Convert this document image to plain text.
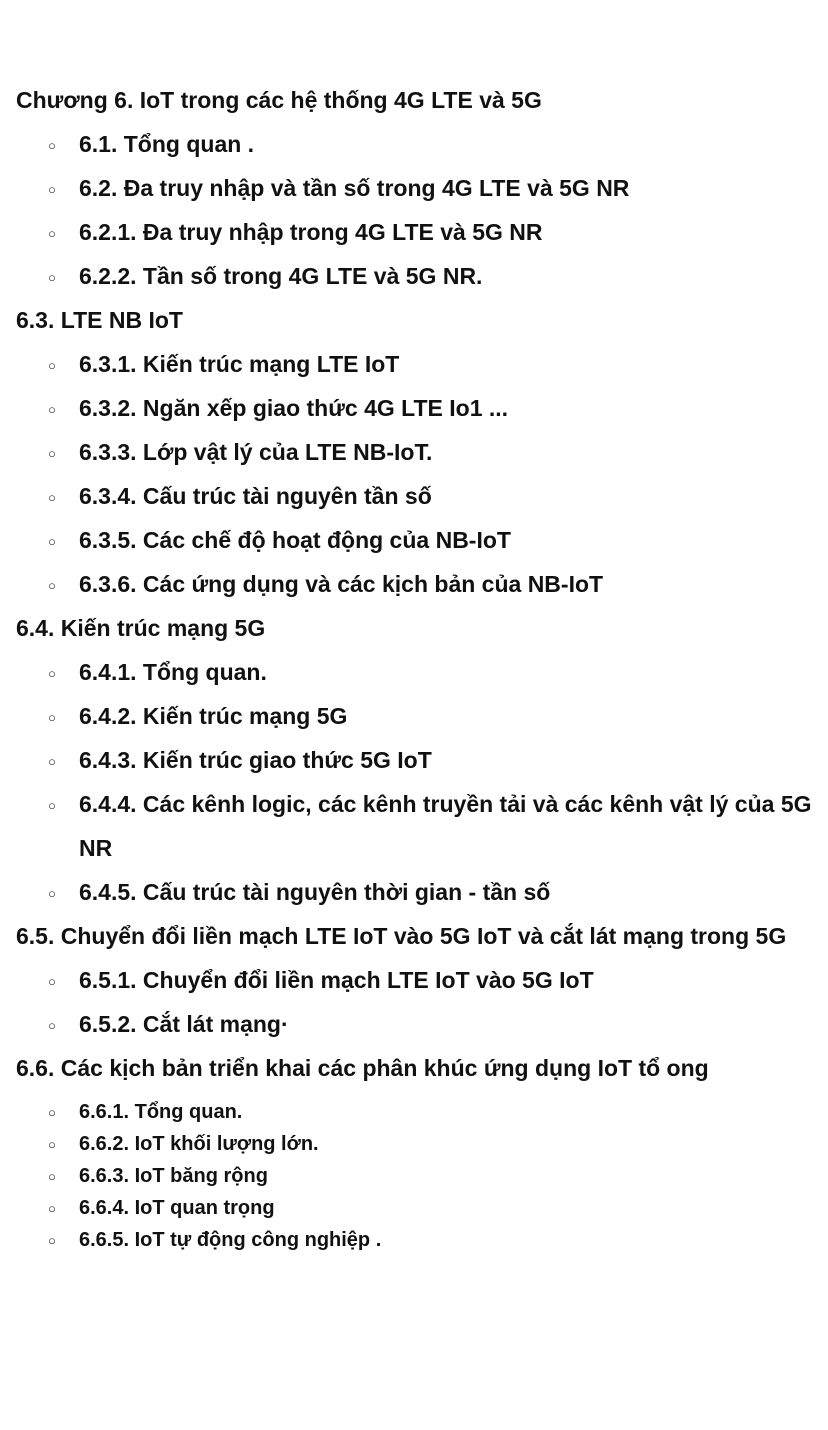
Chương 6. IoT trong các hệ thống 4G LTE và 5G
○ 6.1. Tổng quan .
○ 6.2. Đa truy nhập và tần số trong 4G LTE và 5G NR
○ 6.2.1. Đa truy nhập trong 4G LTE và 5G NR
○ 6.2.2. Tần số trong 4G LTE và 5G NR.
6.3. LTE NB IoT
○ 6.3.1. Kiến trúc mạng LTE IoT
○ 6.3.2. Ngăn xếp giao thức 4G LTE Io1 ...
○ 6.3.3. Lớp vật lý của LTE NB-IoT.
○ 6.3.4. Cấu trúc tài nguyên tần số
○ 6.3.5. Các chế độ hoạt động của NB-IoT
○ 6.3.6. Các ứng dụng và các kịch bản của NB-IoT
6.4. Kiến trúc mạng 5G
○ 6.4.1. Tổng quan.
○ 6.4.2. Kiến trúc mạng 5G
○ 6.4.3. Kiến trúc giao thức 5G IoT
○ 6.4.4. Các kênh logic, các kênh truyền tải và các kênh vật lý của 5G NR
○ 6.4.5. Cấu trúc tài nguyên thời gian - tần số
6.5. Chuyển đổi liền mạch LTE IoT vào 5G IoT và cắt lát mạng trong 5G
○ 6.5.1. Chuyển đổi liền mạch LTE IoT vào 5G IoT
○ 6.5.2. Cắt lát mạng·
6.6. Các kịch bản triển khai các phân khúc ứng dụng IoT tổ ong
○ 6.6.1. Tổng quan.
○ 6.6.2. IoT khối lượng lớn.
○ 6.6.3. IoT băng rộng
○ 6.6.4. IoT quan trọng
○ 6.6.5. IoT tự động công nghiệp .
